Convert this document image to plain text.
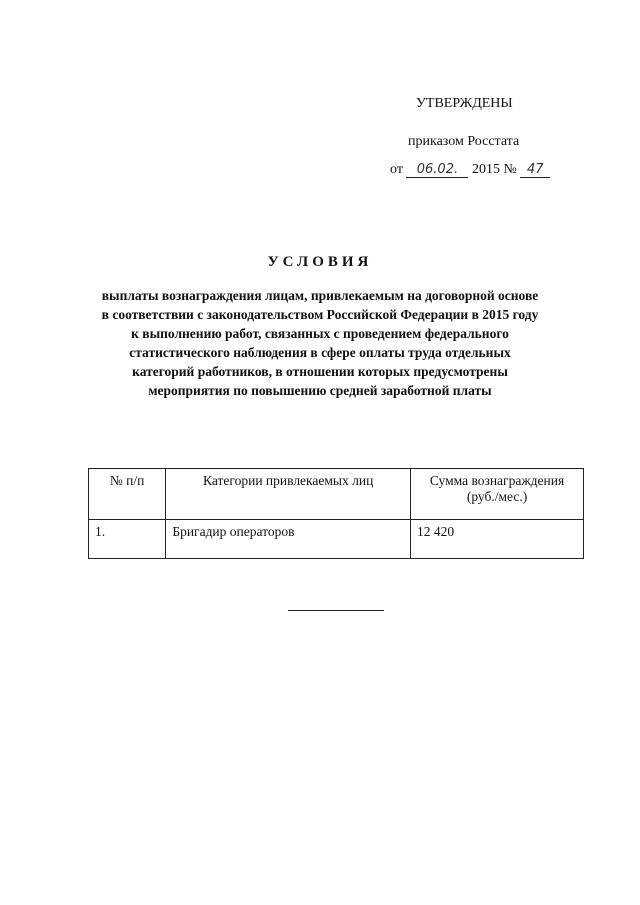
УТВЕРЖДЕНЫ
приказом Росстата
от 06.02. 2015 № 47
УСЛОВИЯ
выплаты вознаграждения лицам, привлекаемым на договорной основе в соответствии с законодательством Российской Федерации в 2015 году к выполнению работ, связанных с проведением федерального статистического наблюдения в сфере оплаты труда отдельных категорий работников, в отношении которых предусмотрены мероприятия по повышению средней заработной платы
№ п/п	Категории привлекаемых лиц	Сумма вознаграждения (руб./мес.)
1.	Бригадир операторов	12 420
